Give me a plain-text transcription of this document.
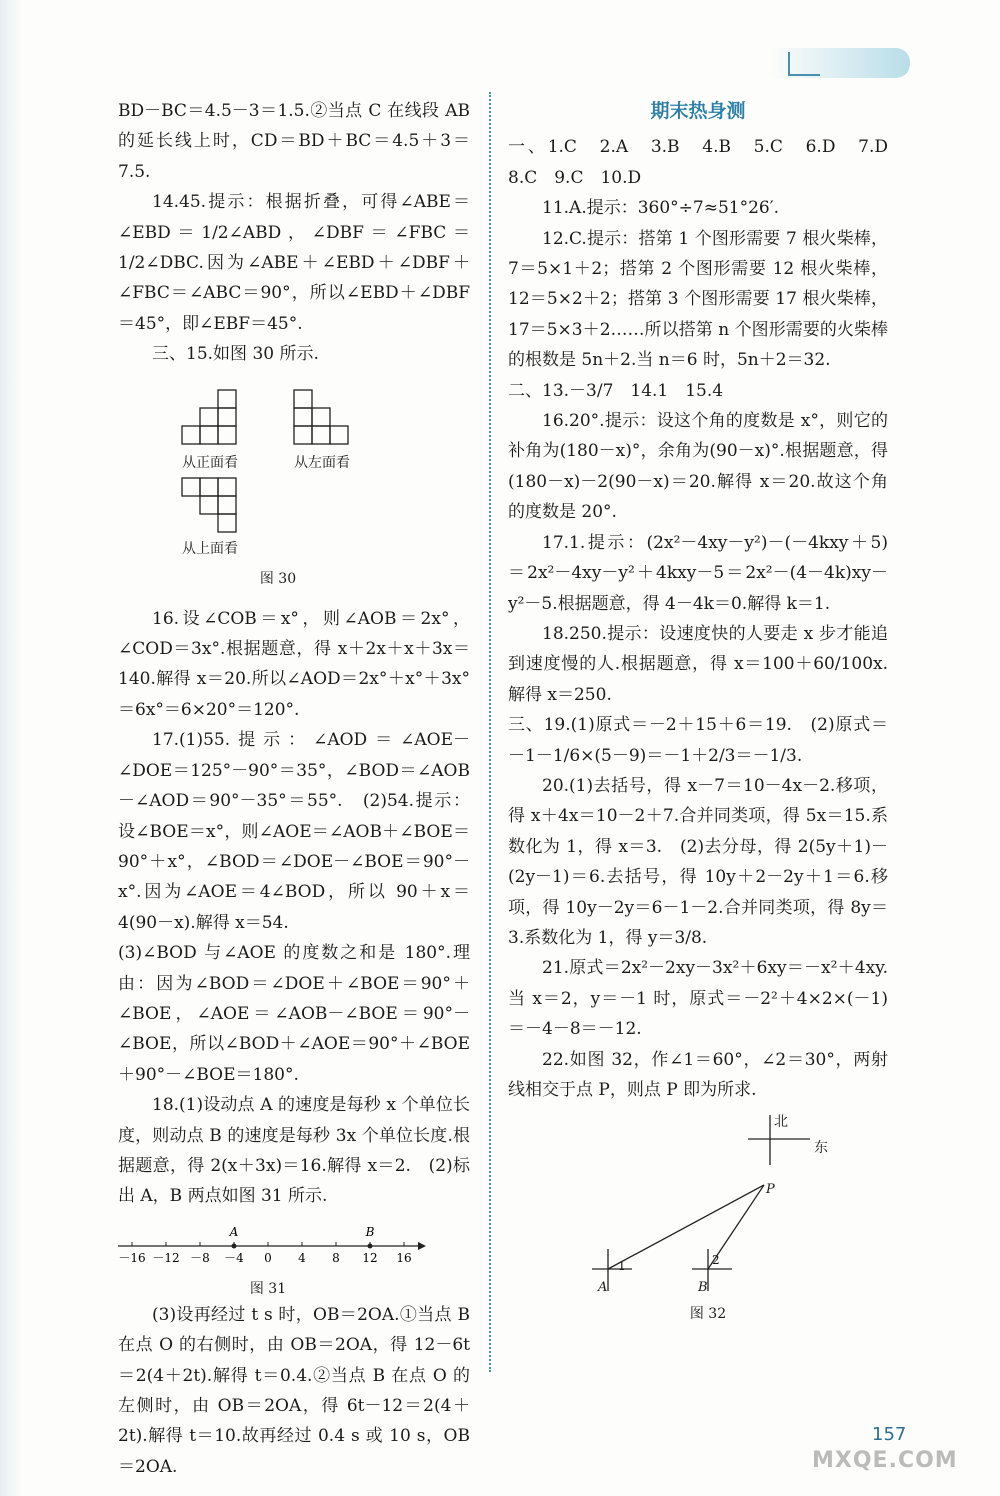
BD－BC＝4.5－3＝1.5.②当点 C 在线段 AB 的延长线上时，CD＝BD＋BC＝4.5＋3＝7.5.

14.45.提示：根据折叠，可得∠ABE＝∠EBD＝1/2∠ABD，∠DBF＝∠FBC＝1/2∠DBC.因为∠ABE＋∠EBD＋∠DBF＋∠FBC＝∠ABC＝90°，所以∠EBD＋∠DBF＝45°，即∠EBF＝45°.

三、15.如图 30 所示.

从正面看	从左面看
从上面看
图 30

16.设∠COB＝x°，则∠AOB＝2x°，∠COD＝3x°.根据题意，得 x＋2x＋x＋3x＝140.解得 x＝20.所以∠AOD＝2x°＋x°＋3x°＝6x°＝6×20°＝120°.

17.(1)55.提示：∠AOD＝∠AOE－∠DOE＝125°－90°＝35°，∠BOD＝∠AOB－∠AOD＝90°－35°＝55°.　(2)54.提示：设∠BOE＝x°，则∠AOE＝∠AOB＋∠BOE＝90°＋x°，∠BOD＝∠DOE－∠BOE＝90°－x°.因为∠AOE＝4∠BOD，所以 90＋x＝4(90－x).解得 x＝54.

(3)∠BOD 与∠AOE 的度数之和是 180°.理由：因为∠BOD＝∠DOE＋∠BOE＝90°＋∠BOE，∠AOE＝∠AOB－∠BOE＝90°－∠BOE，所以∠BOD＋∠AOE＝90°＋∠BOE＋90°－∠BOE＝180°.

18.(1)设动点 A 的速度是每秒 x 个单位长度，则动点 B 的速度是每秒 3x 个单位长度.根据题意，得 2(x＋3x)＝16.解得 x＝2.　(2)标出 A，B 两点如图 31 所示.

－16 －12 －8 －4 0 4 8 12 16
A	B
图 31

(3)设再经过 t s 时，OB＝2OA.①当点 B 在点 O 的右侧时，由 OB＝2OA，得 12－6t＝2(4＋2t).解得 t＝0.4.②当点 B 在点 O 的左侧时，由 OB＝2OA，得 6t－12＝2(4＋2t).解得 t＝10.故再经过 0.4 s 或 10 s，OB＝2OA.

期末热身测

一、1.C　2.A　3.B　4.B　5.C　6.D　7.D　8.C　9.C　10.D

11.A.提示：360°÷7≈51°26′.

12.C.提示：搭第 1 个图形需要 7 根火柴棒，7＝5×1＋2；搭第 2 个图形需要 12 根火柴棒，12＝5×2＋2；搭第 3 个图形需要 17 根火柴棒，17＝5×3＋2……所以搭第 n 个图形需要的火柴棒的根数是 5n＋2.当 n＝6 时，5n＋2＝32.

二、13.－3/7　14.1　15.4

16.20°.提示：设这个角的度数是 x°，则它的补角为(180－x)°，余角为(90－x)°.根据题意，得(180－x)－2(90－x)＝20.解得 x＝20.故这个角的度数是 20°.

17.1.提示：(2x²－4xy－y²)－(－4kxy＋5)＝2x²－4xy－y²＋4kxy－5＝2x²－(4－4k)xy－y²－5.根据题意，得 4－4k＝0.解得 k＝1.

18.250.提示：设速度快的人要走 x 步才能追到速度慢的人.根据题意，得 x＝100＋60/100x.解得 x＝250.

三、19.(1)原式＝－2＋15＋6＝19.　(2)原式＝－1－1/6×(5－9)＝－1＋2/3＝－1/3.

20.(1)去括号，得 x－7＝10－4x－2.移项，得 x＋4x＝10－2＋7.合并同类项，得 5x＝15.系数化为 1，得 x＝3.　(2)去分母，得 2(5y＋1)－(2y－1)＝6.去括号，得 10y＋2－2y＋1＝6.移项，得 10y－2y＝6－1－2.合并同类项，得 8y＝3.系数化为 1，得 y＝3/8.

21.原式＝2x²－2xy－3x²＋6xy＝－x²＋4xy.当 x＝2，y＝－1 时，原式＝－2²＋4×2×(－1)＝－4－8＝－12.

22.如图 32，作∠1＝60°，∠2＝30°，两射线相交于点 P，则点 P 即为所求.

北
东
P
A	B
1	2
图 32
157
MXQE.COM
